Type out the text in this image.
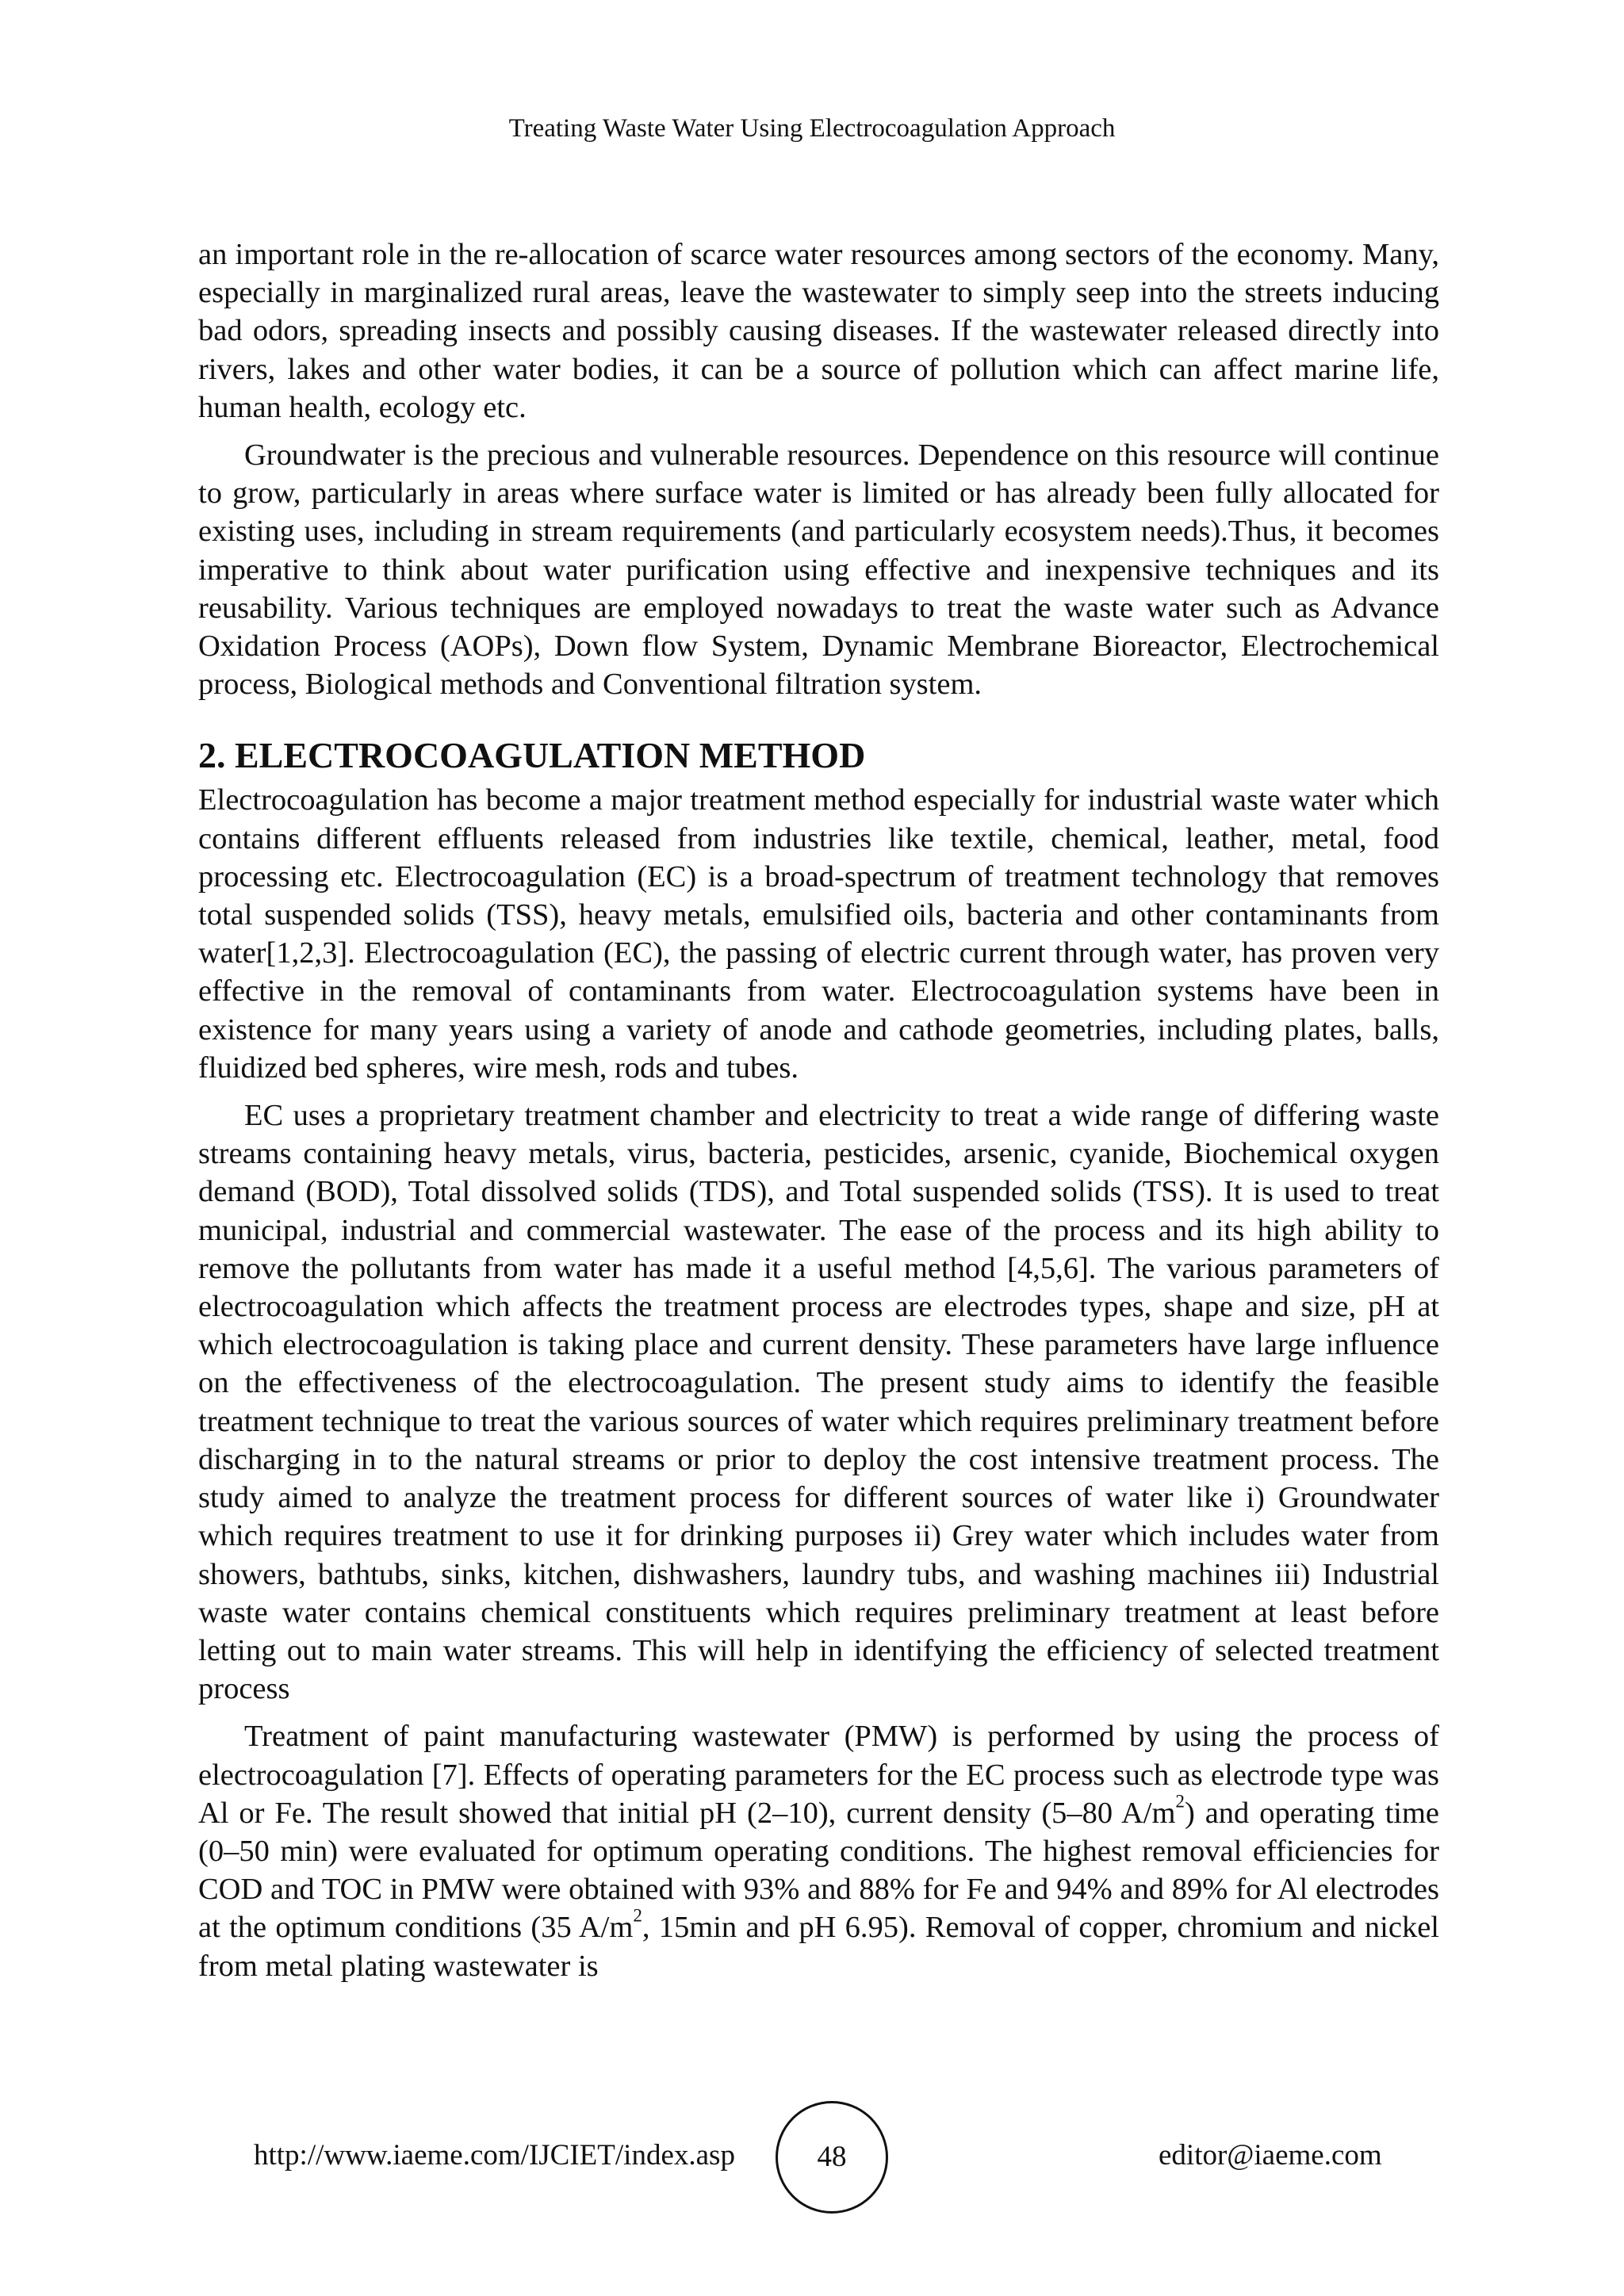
Treating Waste Water Using Electrocoagulation Approach

an important role in the re-allocation of scarce water resources among sectors of the economy. Many, especially in marginalized rural areas, leave the wastewater to simply seep into the streets inducing bad odors, spreading insects and possibly causing diseases. If the wastewater released directly into rivers, lakes and other water bodies, it can be a source of pollution which can affect marine life, human health, ecology etc.

Groundwater is the precious and vulnerable resources. Dependence on this resource will continue to grow, particularly in areas where surface water is limited or has already been fully allocated for existing uses, including in stream requirements (and particularly ecosystem needs).Thus, it becomes imperative to think about water purification using effective and inexpensive techniques and its reusability. Various techniques are employed nowadays to treat the waste water such as Advance Oxidation Process (AOPs), Down flow System, Dynamic Membrane Bioreactor, Electrochemical process, Biological methods and Conventional filtration system.

2. ELECTROCOAGULATION METHOD

Electrocoagulation has become a major treatment method especially for industrial waste water which contains different effluents released from industries like textile, chemical, leather, metal, food processing etc. Electrocoagulation (EC) is a broad-spectrum of treatment technology that removes total suspended solids (TSS), heavy metals, emulsified oils, bacteria and other contaminants from water[1,2,3]. Electrocoagulation (EC), the passing of electric current through water, has proven very effective in the removal of contaminants from water. Electrocoagulation systems have been in existence for many years using a variety of anode and cathode geometries, including plates, balls, fluidized bed spheres, wire mesh, rods and tubes.

EC uses a proprietary treatment chamber and electricity to treat a wide range of differing waste streams containing heavy metals, virus, bacteria, pesticides, arsenic, cyanide, Biochemical oxygen demand (BOD), Total dissolved solids (TDS), and Total suspended solids (TSS). It is used to treat municipal, industrial and commercial wastewater. The ease of the process and its high ability to remove the pollutants from water has made it a useful method [4,5,6]. The various parameters of electrocoagulation which affects the treatment process are electrodes types, shape and size, pH at which electrocoagulation is taking place and current density. These parameters have large influence on the effectiveness of the electrocoagulation. The present study aims to identify the feasible treatment technique to treat the various sources of water which requires preliminary treatment before discharging in to the natural streams or prior to deploy the cost intensive treatment process. The study aimed to analyze the treatment process for different sources of water like i) Groundwater which requires treatment to use it for drinking purposes ii) Grey water which includes water from showers, bathtubs, sinks, kitchen, dishwashers, laundry tubs, and washing machines iii) Industrial waste water contains chemical constituents which requires preliminary treatment at least before letting out to main water streams. This will help in identifying the efficiency of selected treatment process

Treatment of paint manufacturing wastewater (PMW) is performed by using the process of electrocoagulation [7]. Effects of operating parameters for the EC process such as electrode type was Al or Fe. The result showed that initial pH (2–10), current density (5–80 $A/m^2$) and operating time (0–50 min) were evaluated for optimum operating conditions. The highest removal efficiencies for COD and TOC in PMW were obtained with 93% and 88% for Fe and 94% and 89% for Al electrodes at the optimum conditions (35 $A/m^2$, 15min and pH 6.95). Removal of copper, chromium and nickel from metal plating wastewater is

http://www.iaeme.com/IJCIET/index.asp	48	editor@iaeme.com
